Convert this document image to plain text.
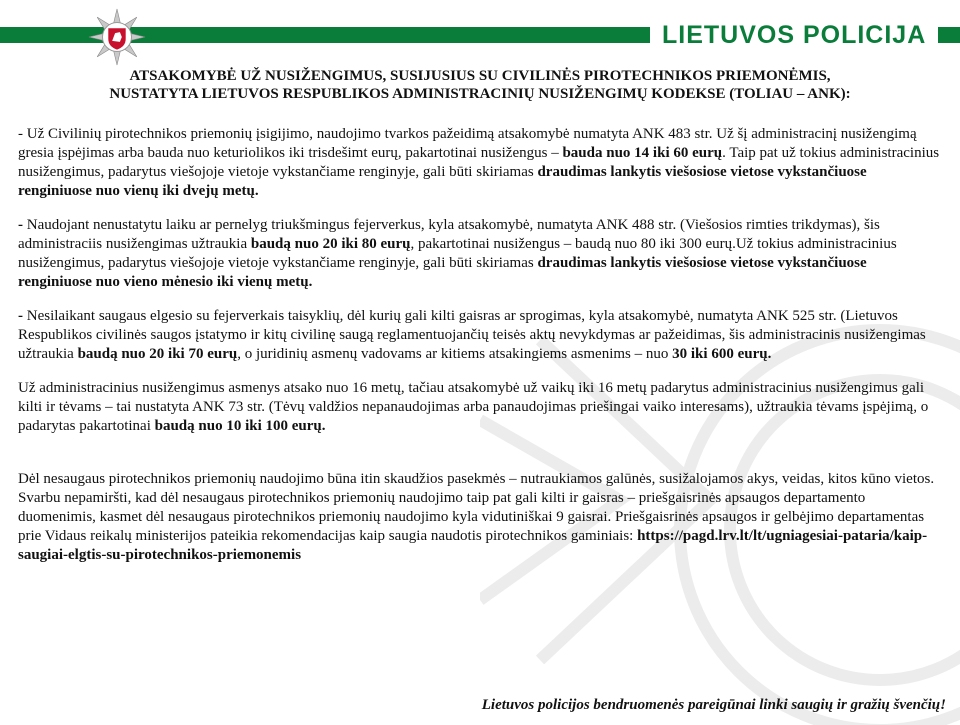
LIETUVOS POLICIJA
ATSAKOMYBĖ UŽ NUSIŽENGIMUS, SUSIJUSIUS SU CIVILINĖS PIROTECHNIKOS PRIEMONĖMIS,
NUSTATYTA LIETUVOS RESPUBLIKOS ADMINISTRACINIŲ NUSIŽENGIMŲ KODEKSE (TOLIAU – ANK):

- Už Civilinių pirotechnikos priemonių įsigijimo, naudojimo tvarkos pažeidimą atsakomybė numatyta ANK 483 str. Už šį administracinį nusižengimą gresia įspėjimas arba bauda nuo keturiolikos iki trisdešimt eurų, pakartotinai nusižengus – bauda nuo 14 iki 60 eurų. Taip pat už tokius administracinius nusižengimus, padarytus viešojoje vietoje vykstančiame renginyje, gali būti skiriamas draudimas lankytis viešosiose vietose vykstančiuose renginiuose nuo vienų iki dvejų metų.

- Naudojant nenustatytu laiku ar pernelyg triukšmingus fejerverkus, kyla atsakomybė, numatyta ANK 488 str. (Viešosios rimties trikdymas), šis administraciis nusižengimas užtraukia baudą nuo 20 iki 80 eurų, pakartotinai nusižengus – baudą nuo 80 iki 300 eurų.Už tokius administracinius nusižengimus, padarytus viešojoje vietoje vykstančiame renginyje, gali būti skiriamas draudimas lankytis viešosiose vietose vykstančiuose renginiuose nuo vieno mėnesio iki vienų metų.

- Nesilaikant saugaus elgesio su fejerverkais taisyklių, dėl kurių gali kilti gaisras ar sprogimas, kyla atsakomybė, numatyta ANK 525 str. (Lietuvos Respublikos civilinės saugos įstatymo ir kitų civilinę saugą reglamentuojančių teisės aktų nevykdymas ar pažeidimas, šis administracinis nusižengimas užtraukia baudą nuo 20 iki 70 eurų, o juridinių asmenų vadovams ar kitiems atsakingiems asmenims – nuo 30 iki 600 eurų.

Už administracinius nusižengimus asmenys atsako nuo 16 metų, tačiau atsakomybė už vaikų iki 16 metų padarytus administracinius nusižengimus gali kilti ir tėvams – tai nustatyta ANK 73 str. (Tėvų valdžios nepanaudojimas arba panaudojimas priešingai vaiko interesams), užtraukia tėvams įspėjimą, o padarytas pakartotinai baudą nuo 10 iki 100 eurų.

Dėl nesaugaus pirotechnikos priemonių naudojimo būna itin skaudžios pasekmės – nutraukiamos galūnės, susižalojamos akys, veidas, kitos kūno vietos. Svarbu nepamiršti, kad dėl nesaugaus pirotechnikos priemonių naudojimo taip pat gali kilti ir gaisras – priešgaisrinės apsaugos departamento duomenimis, kasmet dėl nesaugaus pirotechnikos priemonių naudojimo kyla vidutiniškai 9 gaisrai. Priešgaisrinės apsaugos ir gelbėjimo departamentas prie Vidaus reikalų ministerijos pateikia rekomendacijas kaip saugia naudotis pirotechnikos gaminiais: https://pagd.lrv.lt/lt/ugniagesiai-pataria/kaip-saugiai-elgtis-su-pirotechnikos-priemonemis

Lietuvos policijos bendruomenės pareigūnai linki saugių ir gražių švenčių!
